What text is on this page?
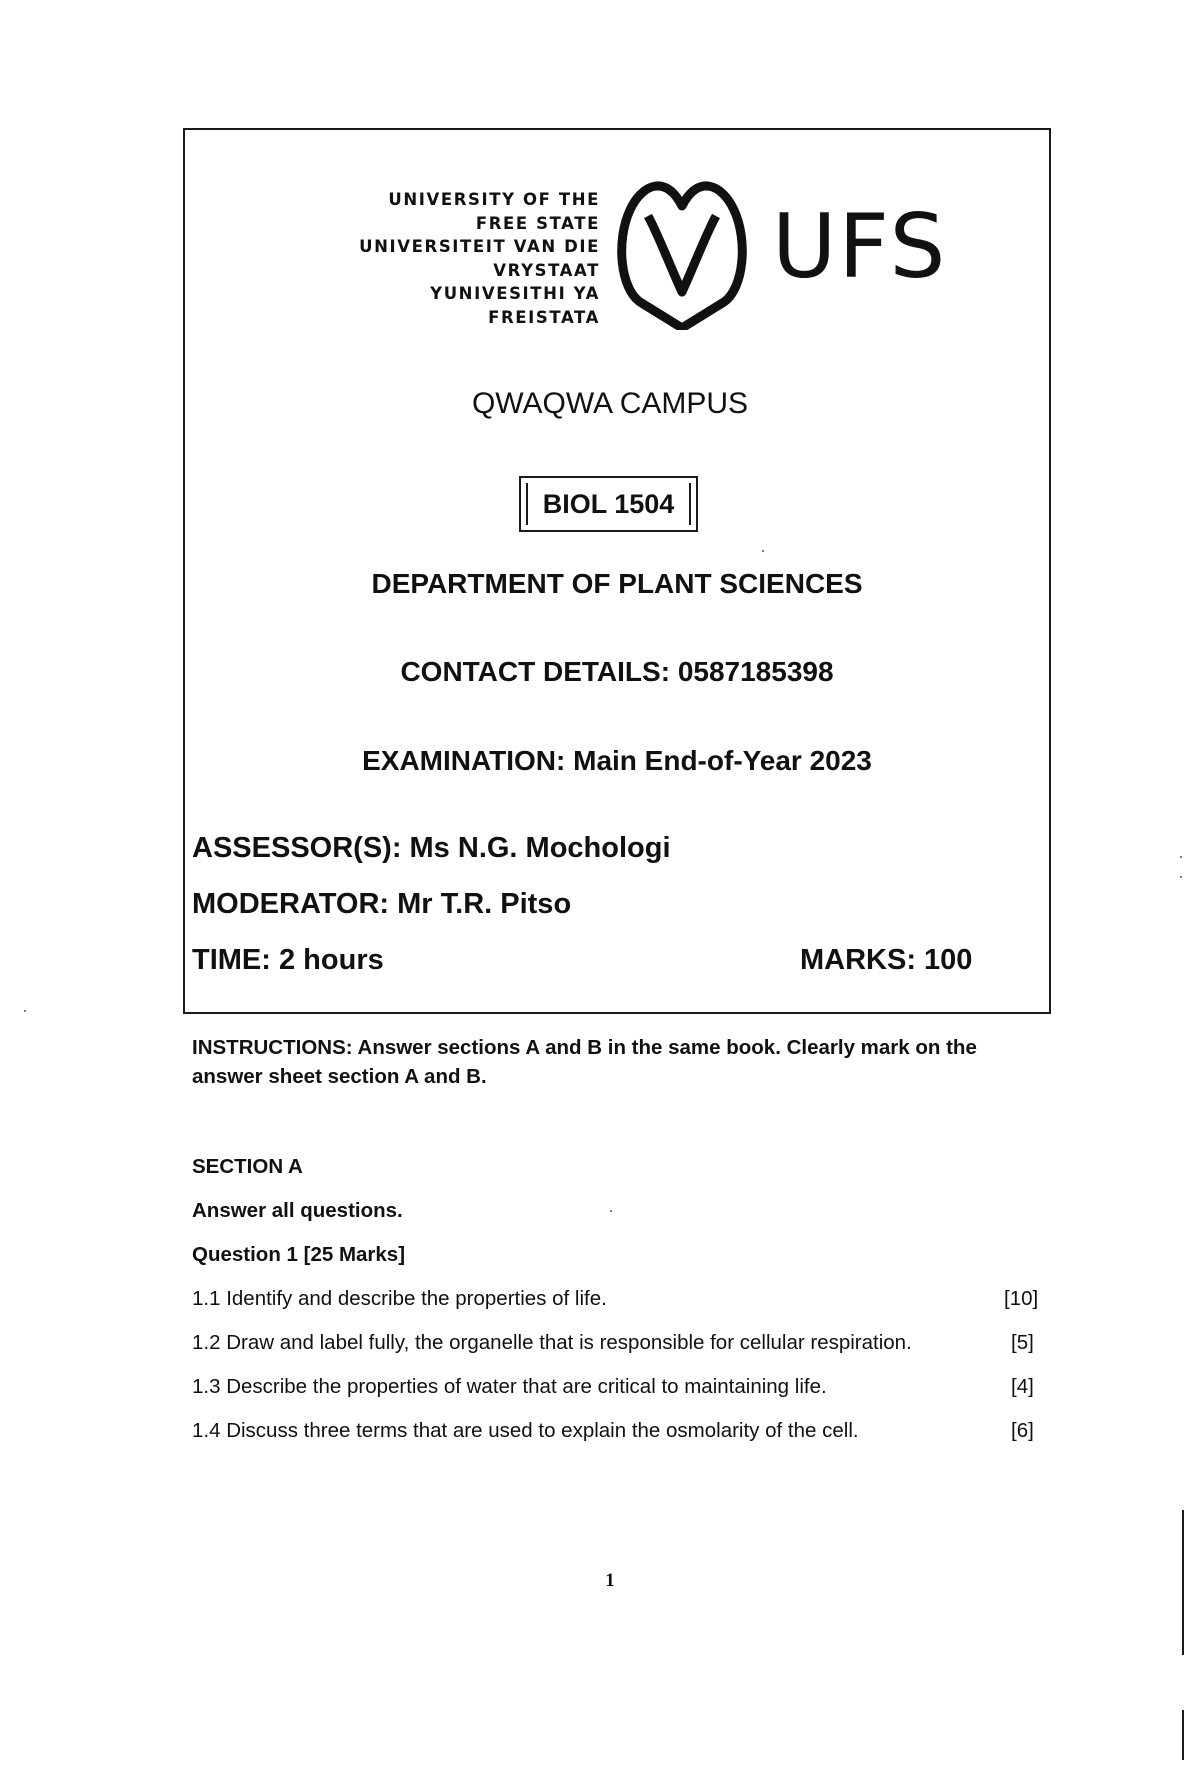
UNIVERSITY OF THE
FREE STATE
UNIVERSITEIT VAN DIE
VRYSTAAT
YUNIVESITHI YA
FREISTATA
UFS
QWAQWA CAMPUS
BIOL 1504
DEPARTMENT OF PLANT SCIENCES
CONTACT DETAILS: 0587185398
EXAMINATION: Main End-of-Year 2023
ASSESSOR(S): Ms N.G. Mochologi
MODERATOR: Mr T.R. Pitso
TIME: 2 hours	MARKS: 100
INSTRUCTIONS: Answer sections A and B in the same book. Clearly mark on the answer sheet section A and B.
SECTION A
Answer all questions.
Question 1 [25 Marks]
1.1 Identify and describe the properties of life.	[10]
1.2 Draw and label fully, the organelle that is responsible for cellular respiration.	[5]
1.3 Describe the properties of water that are critical to maintaining life.	[4]
1.4 Discuss three terms that are used to explain the osmolarity of the cell.	[6]
1
